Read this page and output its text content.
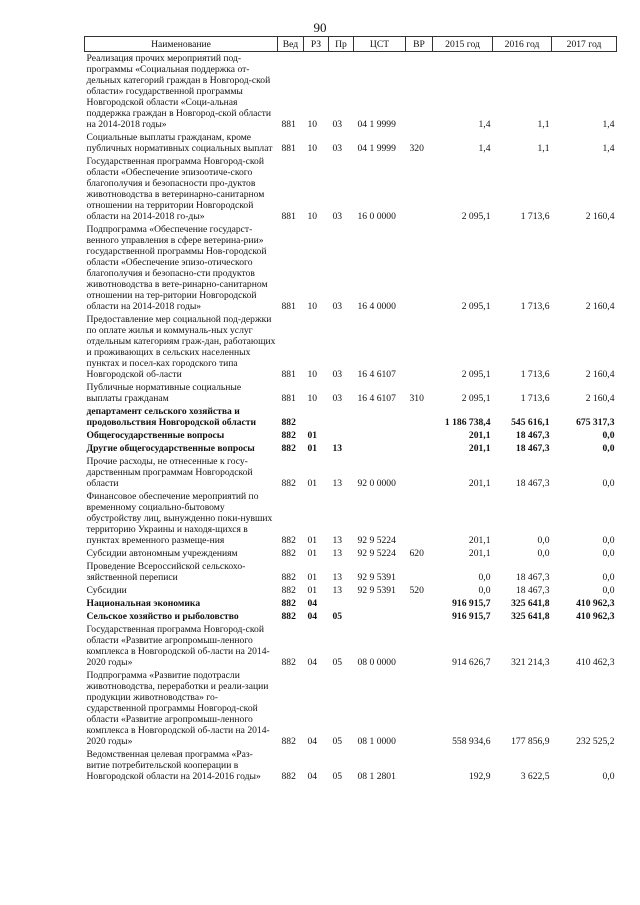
90
Наименование	Вед	РЗ	Пр	ЦСТ	ВР	2015 год	2016 год	2017 год
Реализация прочих мероприятий под-программы «Социальная поддержка от-дельных категорий граждан в Новгород-ской области» государственной программы Новгородской области «Соци-альная поддержка граждан в Новгород-ской области на 2014-2018 годы»	881	10	03	04 1 9999		1,4	1,1	1,4
Социальные выплаты гражданам, кроме публичных нормативных социальных выплат	881	10	03	04 1 9999	320	1,4	1,1	1,4
Государственная программа Новгород-ской области «Обеспечение эпизоотиче-ского благополучия и безопасности про-дуктов животноводства в ветеринарно-санитарном отношении на территории Новгородской области на 2014-2018 го-ды»	881	10	03	16 0 0000		2 095,1	1 713,6	2 160,4
Подпрограмма «Обеспечение государст-венного управления в сфере ветерина-рии» государственной программы Нов-городской области «Обеспечение эпизо-отического благополучия и безопасно-сти продуктов животноводства в вете-ринарно-санитарном отношении на тер-ритории Новгородской области на 2014-2018 годы»	881	10	03	16 4 0000		2 095,1	1 713,6	2 160,4
Предоставление мер социальной под-держки по оплате жилья и коммуналь-ных услуг отдельным категориям граж-дан, работающих и проживающих в сельских населенных пунктах и посел-ках городского типа Новгородской об-ласти	881	10	03	16 4 6107		2 095,1	1 713,6	2 160,4
Публичные нормативные социальные выплаты гражданам	881	10	03	16 4 6107	310	2 095,1	1 713,6	2 160,4
департамент сельского хозяйства и продовольствия Новгородской области	882					1 186 738,4	545 616,1	675 317,3
Общегосударственные вопросы	882	01				201,1	18 467,3	0,0
Другие общегосударственные вопросы	882	01	13			201,1	18 467,3	0,0
Прочие расходы, не отнесенные к госу-дарственным программам Новгородской области	882	01	13	92 0 0000		201,1	18 467,3	0,0
Финансовое обеспечение мероприятий по временному социально-бытовому обустройству лиц, вынужденно поки-нувших территорию Украины и находя-щихся в пунктах временного размеще-ния	882	01	13	92 9 5224		201,1	0,0	0,0
Субсидии автономным учреждениям	882	01	13	92 9 5224	620	201,1	0,0	0,0
Проведение Всероссийской сельскохо-зяйственной переписи	882	01	13	92 9 5391		0,0	18 467,3	0,0
Субсидии	882	01	13	92 9 5391	520	0,0	18 467,3	0,0
Национальная экономика	882	04				916 915,7	325 641,8	410 962,3
Сельское хозяйство и рыболовство	882	04	05			916 915,7	325 641,8	410 962,3
Государственная программа Новгород-ской области «Развитие агропромыш-ленного комплекса в Новгородской об-ласти на 2014-2020 годы»	882	04	05	08 0 0000		914 626,7	321 214,3	410 462,3
Подпрограмма «Развитие подотрасли животноводства, переработки и реали-зации продукции животноводства» го-сударственной программы Новгород-ской области «Развитие агропромыш-ленного комплекса в Новгородской об-ласти на 2014-2020 годы»	882	04	05	08 1 0000		558 934,6	177 856,9	232 525,2
Ведомственная целевая программа «Раз-витие потребительской кооперации в Новгородской области на 2014-2016 годы»	882	04	05	08 1 2801		192,9	3 622,5	0,0
